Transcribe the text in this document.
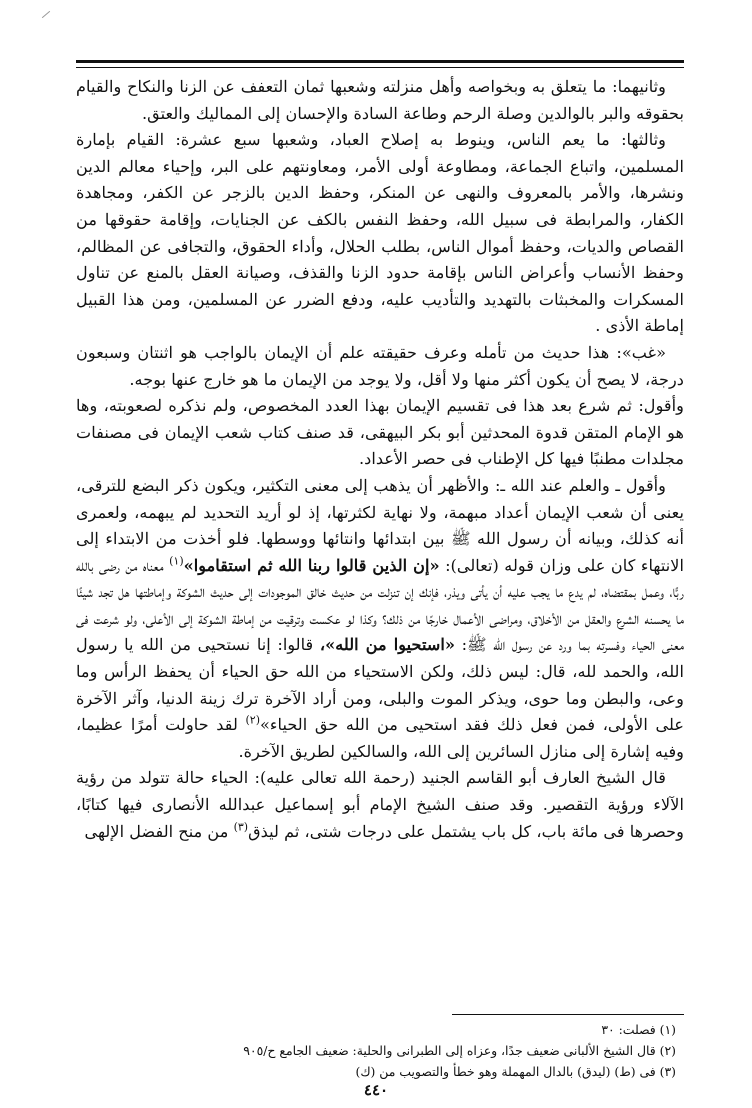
وثانيهما: ما يتعلق به وبخواصه وأهل منزلته وشعبها ثمان التعفف عن الزنا والنكاح والقيام بحقوقه والبر بالوالدين وصلة الرحم وطاعة السادة والإحسان إلى المماليك والعتق.

وثالثها: ما يعم الناس، وينوط به إصلاح العباد، وشعبها سبع عشرة: القيام بإمارة المسلمين، واتباع الجماعة، ومطاوعة أولى الأمر، ومعاونتهم على البر، وإحياء معالم الدين ونشرها، والأمر بالمعروف والنهى عن المنكر، وحفظ الدين بالزجر عن الكفر، ومجاهدة الكفار، والمرابطة فى سبيل الله، وحفظ النفس بالكف عن الجنايات، وإقامة حقوقها من القصاص والديات، وحفظ أموال الناس، بطلب الحلال، وأداء الحقوق، والتجافى عن المظالم، وحفظ الأنساب وأعراض الناس بإقامة حدود الزنا والقذف، وصيانة العقل بالمنع عن تناول المسكرات والمخبثات بالتهديد والتأديب عليه، ودفع الضرر عن المسلمين، ومن هذا القبيل إماطة الأذى .

«غب»: هذا حديث من تأمله وعرف حقيقته علم أن الإيمان بالواجب هو اثنتان وسبعون درجة، لا يصح أن يكون أكثر منها ولا أقل، ولا يوجد من الإيمان ما هو خارج عنها بوجه.

وأقول: ثم شرع بعد هذا فى تقسيم الإيمان بهذا العدد المخصوص، ولم نذكره لصعوبته، وها هو الإمام المتقن قدوة المحدثين أبو بكر البيهقى، قد صنف كتاب شعب الإيمان فى مصنفات مجلدات مطنبًا فيها كل الإطناب فى حصر الأعداد.

وأقول ـ والعلم عند الله ـ: والأظهر أن يذهب إلى معنى التكثير، ويكون ذكر البضع للترقى، يعنى أن شعب الإيمان أعداد مبهمة، ولا نهاية لكثرتها، إذ لو أريد التحديد لم يبهمه، ولعمرى أنه كذلك، وبيانه أن رسول الله ﷺ بين ابتدائها وانتائها ووسطها. فلو أخذت من الابتداء إلى الانتهاء كان على وزان قوله (تعالى): «إن الذين قالوا ربنا الله ثم استقاموا»$^{(١)}$ معناه من رضى بالله ربًّا، وعمل بمقتضاه، لم يدع ما يجب عليه أن يأتى ويذر، فإنك إن تنزلت من حديث خالق الموجودات إلى حديث الشوكة وإماطتها هل تجد شيئًا ما يحسنه الشرع والعقل من الأخلاق، ومراضى الأعمال خارجًا من ذلك؟ وكذا لو عكست وترقيت من إماطة الشوكة إلى الأعلى، ولو شرعت فى معنى الحياء وفسرته بما ورد عن رسول الله ﷺ: «استحيوا من الله»، قالوا: إنا نستحيى من الله يا رسول الله، والحمد لله، قال: ليس ذلك، ولكن الاستحياء من الله حق الحياء أن يحفظ الرأس وما وعى، والبطن وما حوى، ويذكر الموت والبلى، ومن أراد الآخرة ترك زينة الدنيا، وآثر الآخرة على الأولى، فمن فعل ذلك فقد استحيى من الله حق الحياء»$^{(٢)}$ لقد حاولت أمرًا عظيما، وفيه إشارة إلى منازل السائرين إلى الله، والسالكين لطريق الآخرة.

قال الشيخ العارف أبو القاسم الجنيد (رحمة الله تعالى عليه): الحياء حالة تتولد من رؤية الآلاء ورؤية التقصير. وقد صنف الشيخ الإمام أبو إسماعيل عبدالله الأنصارى فيها كتابًا، وحصرها فى مائة باب، كل باب يشتمل على درجات شتى، ثم ليذق$^{(٣)}$ من منح الفضل الإلهى

(١) فصلت: ٣٠

(٢) قال الشيخ الألبانى ضعيف جدًا، وعزاه إلى الطبرانى والحلية: ضعيف الجامع ح/٩٠٥

(٣) فى (ط) (ليدق) بالدال المهملة وهو خطأ والتصويب من (ك)

٤٤٠
